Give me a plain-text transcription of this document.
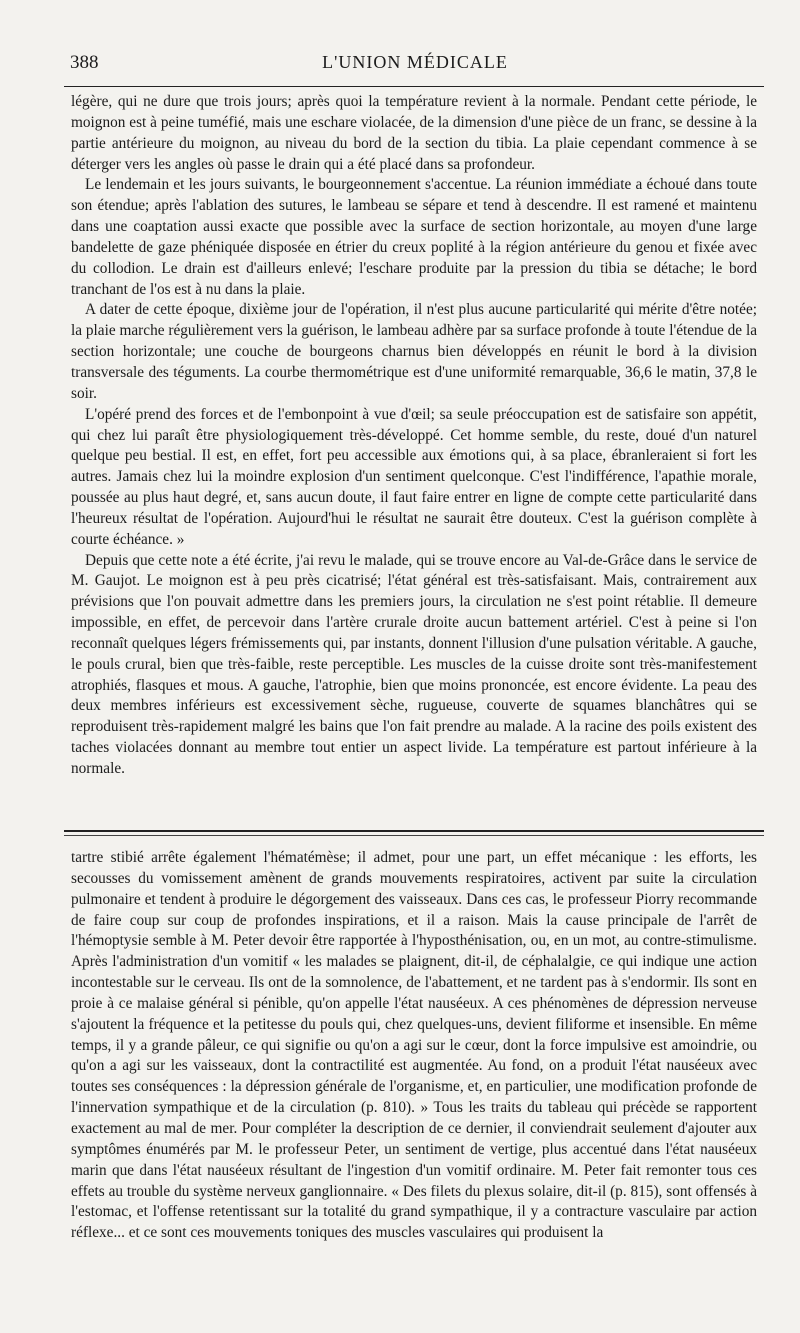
388	L'UNION MÉDICALE

légère, qui ne dure que trois jours; après quoi la température revient à la normale. Pendant cette période, le moignon est à peine tuméfié, mais une eschare violacée, de la dimension d'une pièce de un franc, se dessine à la partie antérieure du moignon, au niveau du bord de la section du tibia. La plaie cependant commence à se déterger vers les angles où passe le drain qui a été placé dans sa profondeur.

Le lendemain et les jours suivants, le bourgeonnement s'accentue. La réunion immédiate a échoué dans toute son étendue; après l'ablation des sutures, le lambeau se sépare et tend à descendre. Il est ramené et maintenu dans une coaptation aussi exacte que possible avec la surface de section horizontale, au moyen d'une large bandelette de gaze phéniquée disposée en étrier du creux poplité à la région antérieure du genou et fixée avec du collodion. Le drain est d'ailleurs enlevé; l'eschare produite par la pression du tibia se détache; le bord tranchant de l'os est à nu dans la plaie.

A dater de cette époque, dixième jour de l'opération, il n'est plus aucune particularité qui mérite d'être notée; la plaie marche régulièrement vers la guérison, le lambeau adhère par sa surface profonde à toute l'étendue de la section horizontale; une couche de bourgeons charnus bien développés en réunit le bord à la division transversale des téguments. La courbe thermométrique est d'une uniformité remarquable, 36,6 le matin, 37,8 le soir.

L'opéré prend des forces et de l'embonpoint à vue d'œil; sa seule préoccupation est de satisfaire son appétit, qui chez lui paraît être physiologiquement très-développé. Cet homme semble, du reste, doué d'un naturel quelque peu bestial. Il est, en effet, fort peu accessible aux émotions qui, à sa place, ébranleraient si fort les autres. Jamais chez lui la moindre explosion d'un sentiment quelconque. C'est l'indifférence, l'apathie morale, poussée au plus haut degré, et, sans aucun doute, il faut faire entrer en ligne de compte cette particularité dans l'heureux résultat de l'opération. Aujourd'hui le résultat ne saurait être douteux. C'est la guérison complète à courte échéance. »

Depuis que cette note a été écrite, j'ai revu le malade, qui se trouve encore au Val-de-Grâce dans le service de M. Gaujot. Le moignon est à peu près cicatrisé; l'état général est très-satisfaisant. Mais, contrairement aux prévisions que l'on pouvait admettre dans les premiers jours, la circulation ne s'est point rétablie. Il demeure impossible, en effet, de percevoir dans l'artère crurale droite aucun battement artériel. C'est à peine si l'on reconnaît quelques légers frémissements qui, par instants, donnent l'illusion d'une pulsation véritable. A gauche, le pouls crural, bien que très-faible, reste perceptible. Les muscles de la cuisse droite sont très-manifestement atrophiés, flasques et mous. A gauche, l'atrophie, bien que moins prononcée, est encore évidente. La peau des deux membres inférieurs est excessivement sèche, rugueuse, couverte de squames blanchâtres qui se reproduisent très-rapidement malgré les bains que l'on fait prendre au malade. A la racine des poils existent des taches violacées donnant au membre tout entier un aspect livide. La température est partout inférieure à la normale.

tartre stibié arrête également l'hématémèse; il admet, pour une part, un effet mécanique : les efforts, les secousses du vomissement amènent de grands mouvements respiratoires, activent par suite la circulation pulmonaire et tendent à produire le dégorgement des vaisseaux. Dans ces cas, le professeur Piorry recommande de faire coup sur coup de profondes inspirations, et il a raison. Mais la cause principale de l'arrêt de l'hémoptysie semble à M. Peter devoir être rapportée à l'hyposthénisation, ou, en un mot, au contre-stimulisme. Après l'administration d'un vomitif « les malades se plaignent, dit-il, de céphalalgie, ce qui indique une action incontestable sur le cerveau. Ils ont de la somnolence, de l'abattement, et ne tardent pas à s'endormir. Ils sont en proie à ce malaise général si pénible, qu'on appelle l'état nauséeux. A ces phénomènes de dépression nerveuse s'ajoutent la fréquence et la petitesse du pouls qui, chez quelques-uns, devient filiforme et insensible. En même temps, il y a grande pâleur, ce qui signifie ou qu'on a agi sur le cœur, dont la force impulsive est amoindrie, ou qu'on a agi sur les vaisseaux, dont la contractilité est augmentée. Au fond, on a produit l'état nauséeux avec toutes ses conséquences : la dépression générale de l'organisme, et, en particulier, une modification profonde de l'innervation sympathique et de la circulation (p. 810). » Tous les traits du tableau qui précède se rapportent exactement au mal de mer. Pour compléter la description de ce dernier, il conviendrait seulement d'ajouter aux symptômes énumérés par M. le professeur Peter, un sentiment de vertige, plus accentué dans l'état nauséeux marin que dans l'état nauséeux résultant de l'ingestion d'un vomitif ordinaire. M. Peter fait remonter tous ces effets au trouble du système nerveux ganglionnaire. « Des filets du plexus solaire, dit-il (p. 815), sont offensés à l'estomac, et l'offense retentissant sur la totalité du grand sympathique, il y a contracture vasculaire par action réflexe... et ce sont ces mouvements toniques des muscles vasculaires qui produisent la
